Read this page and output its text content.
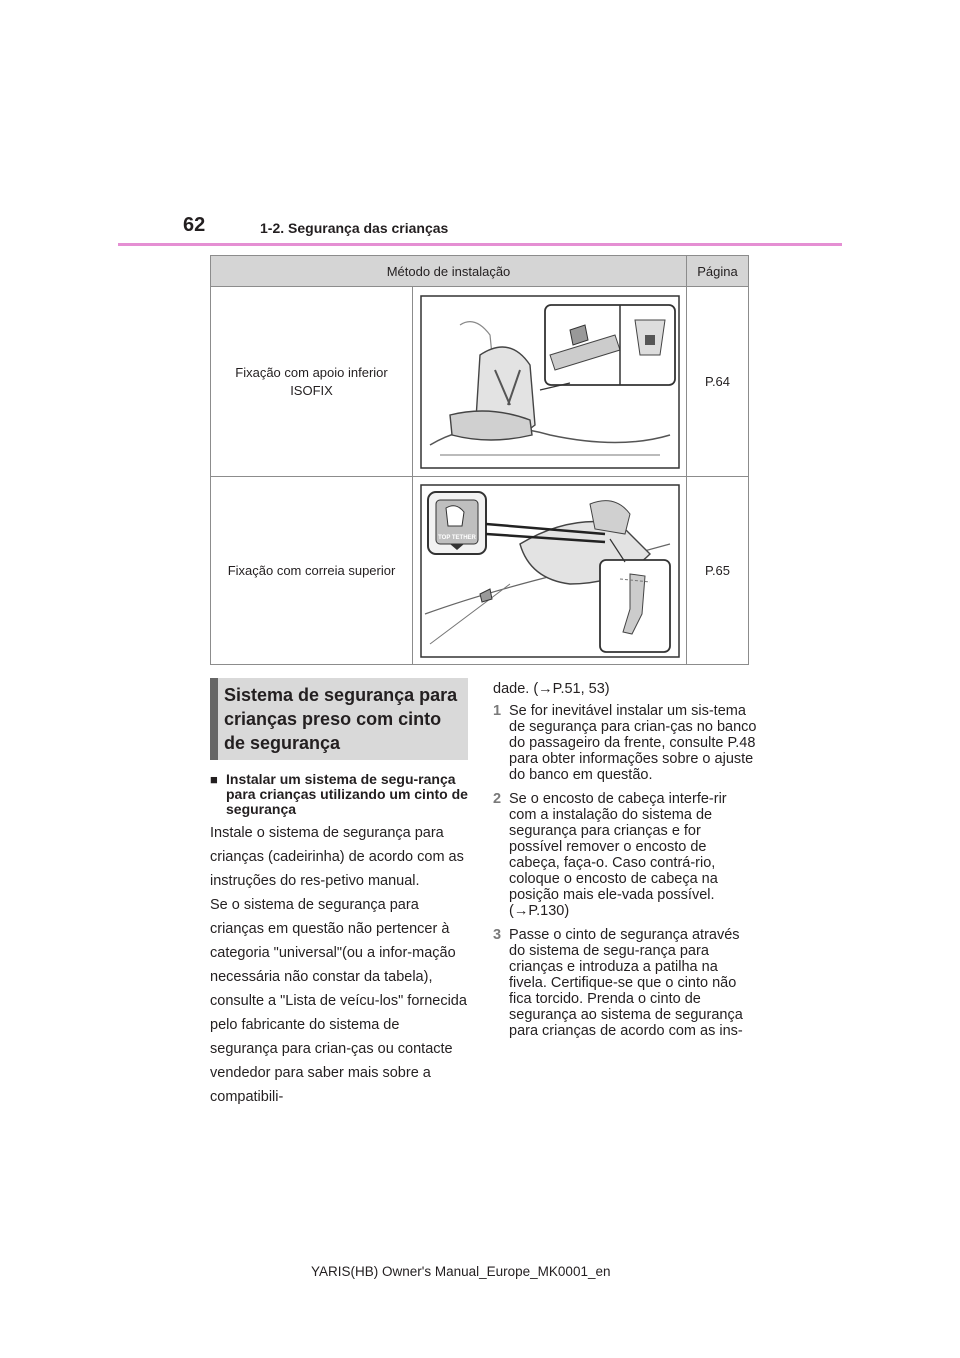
62	1-2. Segurança das crianças
Método de instalação		Página
Fixação com apoio inferior ISOFIX		P.64
Fixação com correia superior	TOP TETHER	P.65
Sistema de segurança para crianças preso com cinto de segurança
■ Instalar um sistema de segu-rança para crianças utilizando um cinto de segurança

Instale o sistema de segurança para crianças (cadeirinha) de acordo com as instruções do res-petivo manual.

Se o sistema de segurança para crianças em questão não pertencer à categoria "universal"(ou a infor-mação necessária não constar da tabela), consulte a "Lista de veícu-los" fornecida pelo fabricante do sistema de segurança para crian-ças ou contacte vendedor para saber mais sobre a compatibili-

dade. (→P.51, 53)
1 Se for inevitável instalar um sis-tema de segurança para crian-ças no banco do passageiro da frente, consulte P.48 para obter informações sobre o ajuste do banco em questão.
2 Se o encosto de cabeça interfe-rir com a instalação do sistema de segurança para crianças e for possível remover o encosto de cabeça, faça-o. Caso contrá-rio, coloque o encosto de cabeça na posição mais ele-vada possível. (→P.130)
3 Passe o cinto de segurança através do sistema de segu-rança para crianças e introduza a patilha na fivela. Certifique-se que o cinto não fica torcido. Prenda o cinto de segurança ao sistema de segurança para crianças de acordo com as ins-
YARIS(HB) Owner's Manual_Europe_MK0001_en
